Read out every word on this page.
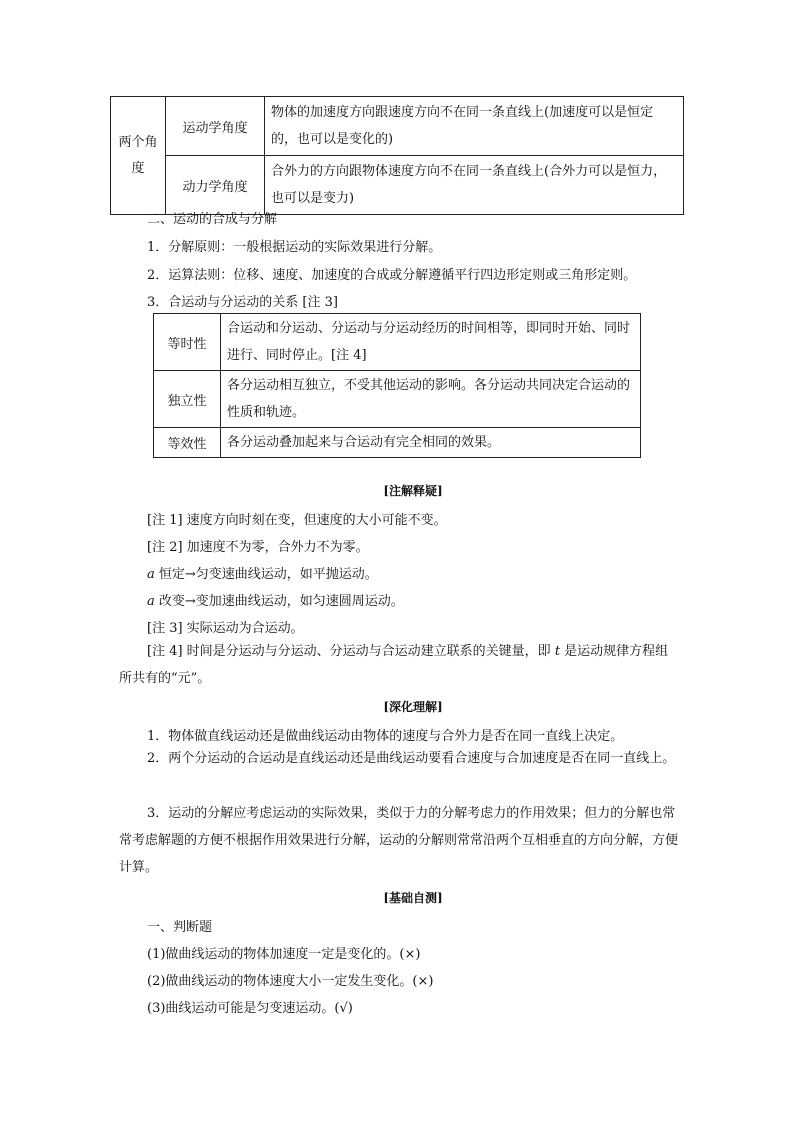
两个角度	运动学角度	物体的加速度方向跟速度方向不在同一条直线上(加速度可以是恒定的，也可以是变化的)
	动力学角度	合外力的方向跟物体速度方向不在同一条直线上(合外力可以是恒力，也可以是变力)
二、运动的合成与分解
1．分解原则：一般根据运动的实际效果进行分解。
2．运算法则：位移、速度、加速度的合成或分解遵循平行四边形定则或三角形定则。
3．合运动与分运动的关系 [注 3]
等时性	合运动和分运动、分运动与分运动经历的时间相等，即同时开始、同时进行、同时停止。[注 4]
独立性	各分运动相互独立，不受其他运动的影响。各分运动共同决定合运动的性质和轨迹。
等效性	各分运动叠加起来与合运动有完全相同的效果。
[注解释疑]
[注 1] 速度方向时刻在变，但速度的大小可能不变。
[注 2] 加速度不为零，合外力不为零。
a 恒定→匀变速曲线运动，如平抛运动。
a 改变→变加速曲线运动，如匀速圆周运动。
[注 3] 实际运动为合运动。
[注 4] 时间是分运动与分运动、分运动与合运动建立联系的关键量，即 t 是运动规律方程组所共有的“元”。
[深化理解]
1．物体做直线运动还是做曲线运动由物体的速度与合外力是否在同一直线上决定。
2．两个分运动的合运动是直线运动还是曲线运动要看合速度与合加速度是否在同一直线上。
3．运动的分解应考虑运动的实际效果，类似于力的分解考虑力的作用效果；但力的分解也常常考虑解题的方便不根据作用效果进行分解，运动的分解则常常沿两个互相垂直的方向分解，方便计算。
[基础自测]
一、判断题
(1)做曲线运动的物体加速度一定是变化的。(×)
(2)做曲线运动的物体速度大小一定发生变化。(×)
(3)曲线运动可能是匀变速运动。(√)
